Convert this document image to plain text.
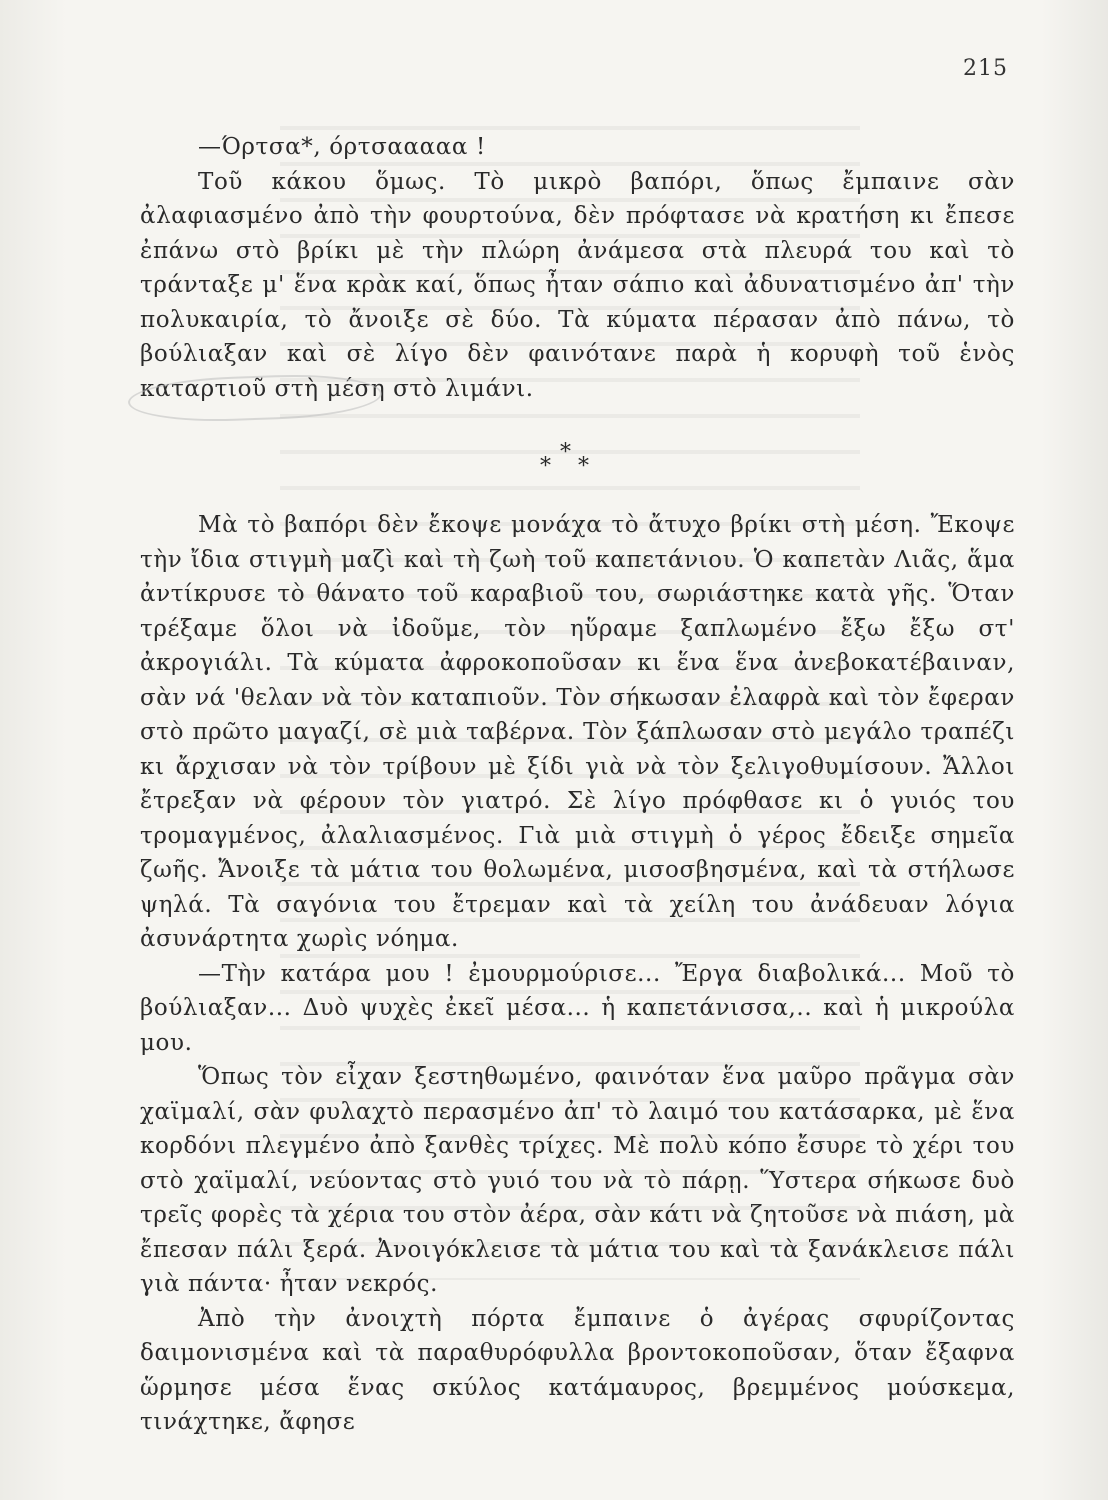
215

—Όρτσα*, όρτσααααα !

Τοῦ κάκου ὅμως. Τὸ μικρὸ βαπόρι, ὅπως ἔμπαινε σὰν ἀλαφιασμένο ἀπὸ τὴν φουρτούνα, δὲν πρόφτασε νὰ κρατήση κι ἔπεσε ἐπάνω στὸ βρίκι μὲ τὴν πλώρη ἀνάμεσα στὰ πλευρά του καὶ τὸ τράνταξε μ' ἕνα κρὰκ καί, ὅπως ἦταν σάπιο καὶ ἀδυνατισμένο ἀπ' τὴν πολυκαιρία, τὸ ἄνοιξε σὲ δύο. Τὰ κύματα πέρασαν ἀπὸ πάνω, τὸ βούλιαξαν καὶ σὲ λίγο δὲν φαινότανε παρὰ ἡ κορυφὴ τοῦ ἑνὸς καταρτιοῦ στὴ μέση στὸ λιμάνι.

*
* *

Μὰ τὸ βαπόρι δὲν ἔκοψε μονάχα τὸ ἄτυχο βρίκι στὴ μέση. Ἔκοψε τὴν ἴδια στιγμὴ μαζὶ καὶ τὴ ζωὴ τοῦ καπετάνιου. Ὁ καπετὰν Λιᾶς, ἅμα ἀντίκρυσε τὸ θάνατο τοῦ καραβιοῦ του, σωριάστηκε κατὰ γῆς. Ὅταν τρέξαμε ὅλοι νὰ ἰδοῦμε, τὸν ηὕραμε ξαπλωμένο ἔξω ἔξω στ' ἀκρογιάλι. Τὰ κύματα ἀφροκοποῦσαν κι ἕνα ἕνα ἀνεβοκατέβαιναν, σὰν νά 'θελαν νὰ τὸν καταπιοῦν. Τὸν σήκωσαν ἐλαφρὰ καὶ τὸν ἔφεραν στὸ πρῶτο μαγαζί, σὲ μιὰ ταβέρνα. Τὸν ξάπλωσαν στὸ μεγάλο τραπέζι κι ἄρχισαν νὰ τὸν τρίβουν μὲ ξίδι γιὰ νὰ τὸν ξελιγοθυμίσουν. Ἄλλοι ἔτρεξαν νὰ φέρουν τὸν γιατρό. Σὲ λίγο πρόφθασε κι ὁ γυιός του τρομαγμένος, ἀλαλιασμένος. Γιὰ μιὰ στιγμὴ ὁ γέρος ἔδειξε σημεῖα ζωῆς. Ἄνοιξε τὰ μάτια του θολωμένα, μισοσβησμένα, καὶ τὰ στήλωσε ψηλά. Τὰ σαγόνια του ἔτρεμαν καὶ τὰ χείλη του ἀνάδευαν λόγια ἀσυνάρτητα χωρὶς νόημα.

—Τὴν κατάρα μου ! ἐμουρμούρισε... Ἔργα διαβολικά... Μοῦ τὸ βούλιαξαν... Δυὸ ψυχὲς ἐκεῖ μέσα... ἡ καπετάνισσα,.. καὶ ἡ μικρούλα μου.

Ὅπως τὸν εἶχαν ξεστηθωμένο, φαινόταν ἕνα μαῦρο πρᾶγμα σὰν χαϊμαλί, σὰν φυλαχτὸ περασμένο ἀπ' τὸ λαιμό του κατάσαρκα, μὲ ἕνα κορδόνι πλεγμένο ἀπὸ ξανθὲς τρίχες. Μὲ πολὺ κόπο ἔσυρε τὸ χέρι του στὸ χαϊμαλί, νεύοντας στὸ γυιό του νὰ τὸ πάρῃ. Ὕστερα σήκωσε δυὸ τρεῖς φορὲς τὰ χέρια του στὸν ἀέρα, σὰν κάτι νὰ ζητοῦσε νὰ πιάση, μὰ ἔπεσαν πάλι ξερά. Ἀνοιγόκλεισε τὰ μάτια του καὶ τὰ ξανάκλεισε πάλι γιὰ πάντα· ἦταν νεκρός.

Ἀπὸ τὴν ἀνοιχτὴ πόρτα ἔμπαινε ὁ ἀγέρας σφυρίζοντας δαιμονισμένα καὶ τὰ παραθυρόφυλλα βροντοκοποῦσαν, ὅταν ἔξαφνα ὥρμησε μέσα ἕνας σκύλος κατάμαυρος, βρεμμένος μούσκεμα, τινάχτηκε, ἄφησε
